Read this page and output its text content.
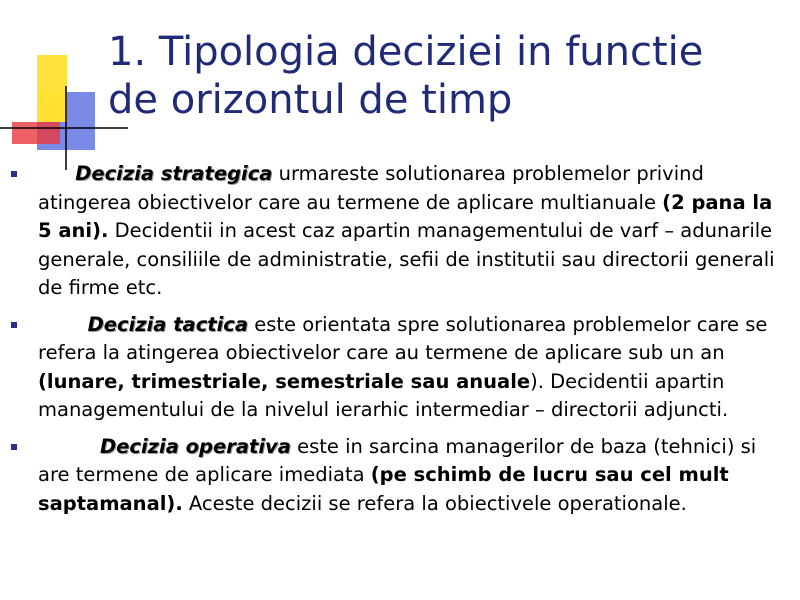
1. Tipologia deciziei in functie
de orizontul de timp

Decizia strategica urmareste solutionarea problemelor privind atingerea obiectivelor care au termene de aplicare multianuale (2 pana la 5 ani). Decidentii in acest caz apartin managementului de varf – adunarile generale, consiliile de administratie, sefii de institutii sau directorii generali de firme etc.

Decizia tactica este orientata spre solutionarea problemelor care se refera la atingerea obiectivelor care au termene de aplicare sub un an (lunare, trimestriale, semestriale sau anuale). Decidentii apartin managementului de la nivelul ierarhic intermediar – directorii adjuncti.

Decizia operativa este in sarcina managerilor de baza (tehnici) si are termene de aplicare imediata (pe schimb de lucru sau cel mult saptamanal). Aceste decizii se refera la obiectivele operationale.
